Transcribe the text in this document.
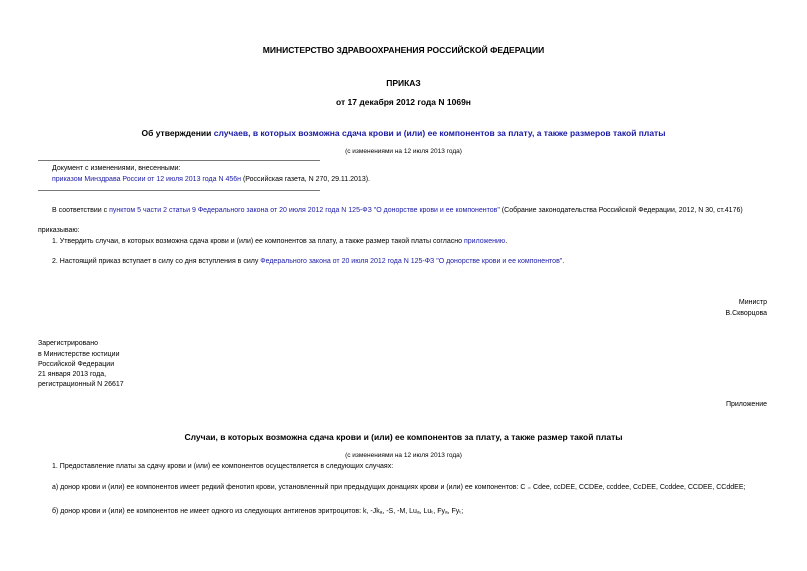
МИНИСТЕРСТВО ЗДРАВООХРАНЕНИЯ РОССИЙСКОЙ ФЕДЕРАЦИИ
ПРИКАЗ
от 17 декабря 2012 года N 1069н
Об утверждении случаев, в которых возможна сдача крови и (или) ее компонентов за плату, а также размеров такой платы
(с изменениями на 12 июля 2013 года)
Документ с изменениями, внесенными:
приказом Минздрава России от 12 июля 2013 года N 456н (Российская газета, N 270, 29.11.2013).
В соответствии с пунктом 5 части 2 статьи 9 Федерального закона от 20 июля 2012 года N 125-ФЗ "О донорстве крови и ее компонентов" (Собрание законодательства Российской Федерации, 2012, N 30, ст.4176)
приказываю:
1. Утвердить случаи, в которых возможна сдача крови и (или) ее компонентов за плату, а также размер такой платы согласно приложению.
2. Настоящий приказ вступает в силу со дня вступления в силу Федерального закона от 20 июля 2012 года N 125-ФЗ "О донорстве крови и ее компонентов".
Министр
В.Скворцова
Зарегистрировано
в Министерстве юстиции
Российской Федерации
21 января 2013 года,
регистрационный N 26617
Приложение
Случаи, в которых возможна сдача крови и (или) ее компонентов за плату, а также размер такой платы
(с изменениями на 12 июля 2013 года)
1. Предоставление платы за сдачу крови и (или) ее компонентов осуществляется в следующих случаях:
а) донор крови и (или) ее компонентов имеет редкий фенотип крови, установленный при предыдущих донациях крови и (или) ее компонентов: C ₌ Cdee, ccDEE, CCDEe, ccddee, CcDEE, Ccddee, CCDEE, CCddEE;
б) донор крови и (или) ее компонентов не имеет одного из следующих антигенов эритроцитов: k, -Jkₐ, -S, -M, Luₐ, Luₜ, Fyₐ, Fyₜ;
